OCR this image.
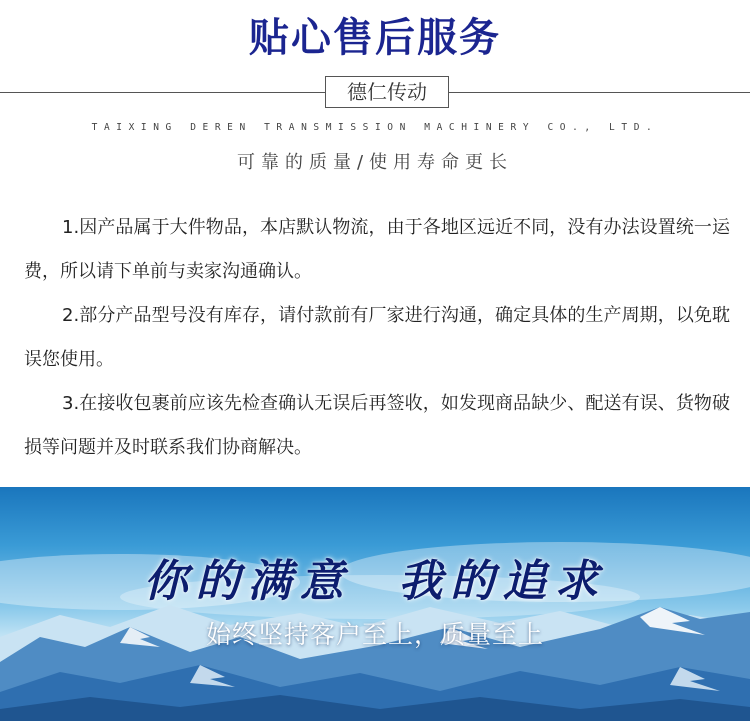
贴心售后服务
德仁传动
TAIXING DEREN TRANSMISSION MACHINERY CO., LTD.
可靠的质量/使用寿命更长

1.因产品属于大件物品，本店默认物流，由于各地区远近不同，没有办法设置统一运费，所以请下单前与卖家沟通确认。

2.部分产品型号没有库存，请付款前有厂家进行沟通，确定具体的生产周期，以免耽误您使用。

3.在接收包裹前应该先检查确认无误后再签收，如发现商品缺少、配送有误、货物破损等问题并及时联系我们协商解决。

你的满意  我的追求
始终坚持客户至上，质量至上
